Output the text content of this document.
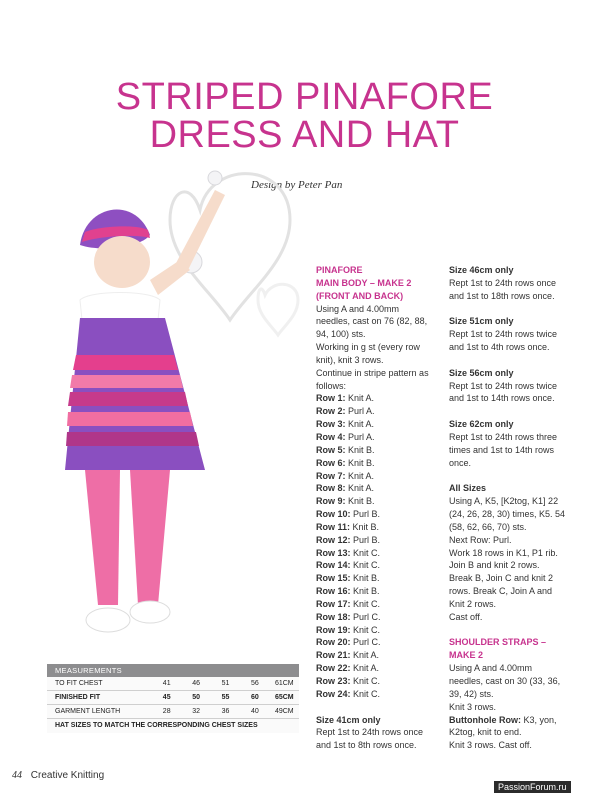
STRIPED PINAFORE
DRESS AND HAT
Design by Peter Pan
PINAFORE
MAIN BODY – MAKE 2
(FRONT AND BACK)
Using A and 4.00mm
needles, cast on 76 (82, 88,
94, 100) sts.
Working in g st (every row
knit), knit 3 rows.
Continue in stripe pattern as
follows:
Row 1: Knit A.
Row 2: Purl A.
Row 3: Knit A.
Row 4: Purl A.
Row 5: Knit B.
Row 6: Knit B.
Row 7: Knit A.
Row 8: Knit A.
Row 9: Knit B.
Row 10: Purl B.
Row 11: Knit B.
Row 12: Purl B.
Row 13: Knit C.
Row 14: Knit C.
Row 15: Knit B.
Row 16: Knit B.
Row 17: Knit C.
Row 18: Purl C.
Row 19: Knit C.
Row 20: Purl C.
Row 21: Knit A.
Row 22: Knit A.
Row 23: Knit C.
Row 24: Knit C.
Size 41cm only
Rept 1st to 24th rows once
and 1st to 8th rows once.
Size 46cm only
Rept 1st to 24th rows once
and 1st to 18th rows once.
Size 51cm only
Rept 1st to 24th rows twice
and 1st to 4th rows once.
Size 56cm only
Rept 1st to 24th rows twice
and 1st to 14th rows once.
Size 62cm only
Rept 1st to 24th rows three
times and 1st to 14th rows
once.
All Sizes
Using A, K5, [K2tog, K1] 22
(24, 26, 28, 30) times, K5. 54
(58, 62, 66, 70) sts.
Next Row: Purl.
Work 18 rows in K1, P1 rib.
Join B and knit 2 rows.
Break B, Join C and knit 2
rows. Break C, Join A and
Knit 2 rows.
Cast off.
SHOULDER STRAPS –
MAKE 2
Using A and 4.00mm
needles, cast on 30 (33, 36,
39, 42) sts.
Knit 3 rows.
Buttonhole Row: K3, yon,
K2tog, knit to end.
Knit 3 rows. Cast off.
MEASUREMENTS
TO FIT CHEST	41	46	51	56	61CM
FINISHED FIT	45	50	55	60	65CM
GARMENT LENGTH	28	32	36	40	49CM
HAT SIZES TO MATCH THE CORRESPONDING CHEST SIZES
44 Creative Knitting
PassionForum.ru
